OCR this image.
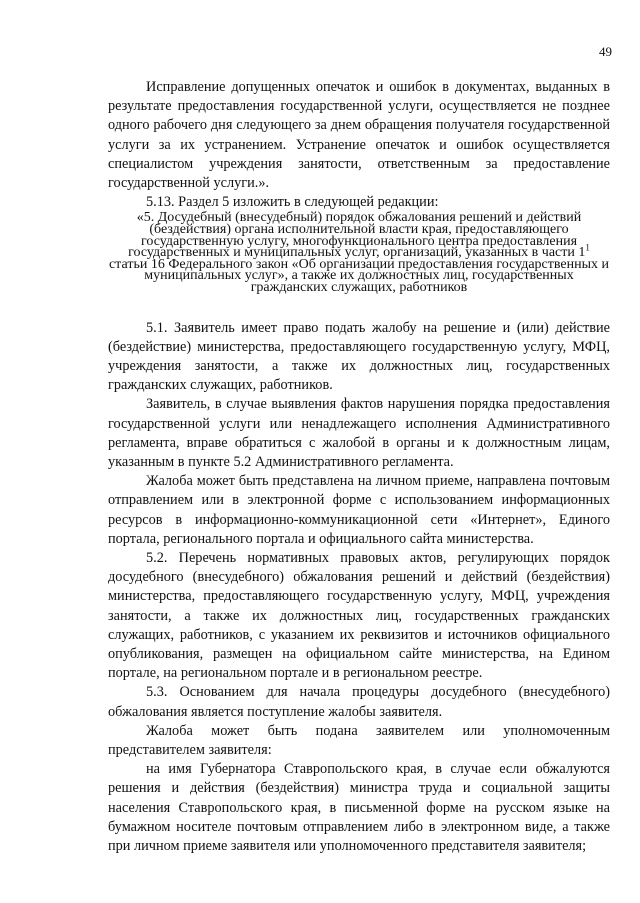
49

Исправление допущенных опечаток и ошибок в документах, выданных в результате предоставления государственной услуги, осуществляется не позднее одного рабочего дня следующего за днем обращения получателя государственной услуги за их устранением. Устранение опечаток и ошибок осуществляется специалистом учреждения занятости, ответственным за предоставление государственной услуги.».

5.13. Раздел 5 изложить в следующей редакции:

«5. Досудебный (внесудебный) порядок обжалования решений и действий (бездействия) органа исполнительной власти края, предоставляющего государственную услугу, многофункционального центра предоставления государственных и муниципальных услуг, организаций, указанных в части $1^1$ статьи 16 Федерального закон «Об организации предоставления государственных и муниципальных услуг», а также их должностных лиц, государственных гражданских служащих, работников

5.1. Заявитель имеет право подать жалобу на решение и (или) действие (бездействие) министерства, предоставляющего государственную услугу, МФЦ, учреждения занятости, а также их должностных лиц, государственных гражданских служащих, работников.

Заявитель, в случае выявления фактов нарушения порядка предоставления государственной услуги или ненадлежащего исполнения Административного регламента, вправе обратиться с жалобой в органы и к должностным лицам, указанным в пункте 5.2 Административного регламента.

Жалоба может быть представлена на личном приеме, направлена почтовым отправлением или в электронной форме с использованием информационных ресурсов в информационно-коммуникационной сети «Интернет», Единого портала, регионального портала и официального сайта министерства.

5.2. Перечень нормативных правовых актов, регулирующих порядок досудебного (внесудебного) обжалования решений и действий (бездействия) министерства, предоставляющего государственную услугу, МФЦ, учреждения занятости, а также их должностных лиц, государственных гражданских служащих, работников, с указанием их реквизитов и источников официального опубликования, размещен на официальном сайте министерства, на Едином портале, на региональном портале и в региональном реестре.

5.3. Основанием для начала процедуры досудебного (внесудебного) обжалования является поступление жалобы заявителя.

Жалоба может быть подана заявителем или уполномоченным представителем заявителя:

на имя Губернатора Ставропольского края, в случае если обжалуются решения и действия (бездействия) министра труда и социальной защиты населения Ставропольского края, в письменной форме на русском языке на бумажном носителе почтовым отправлением либо в электронном виде, а также при личном приеме заявителя или уполномоченного представителя заявителя;
